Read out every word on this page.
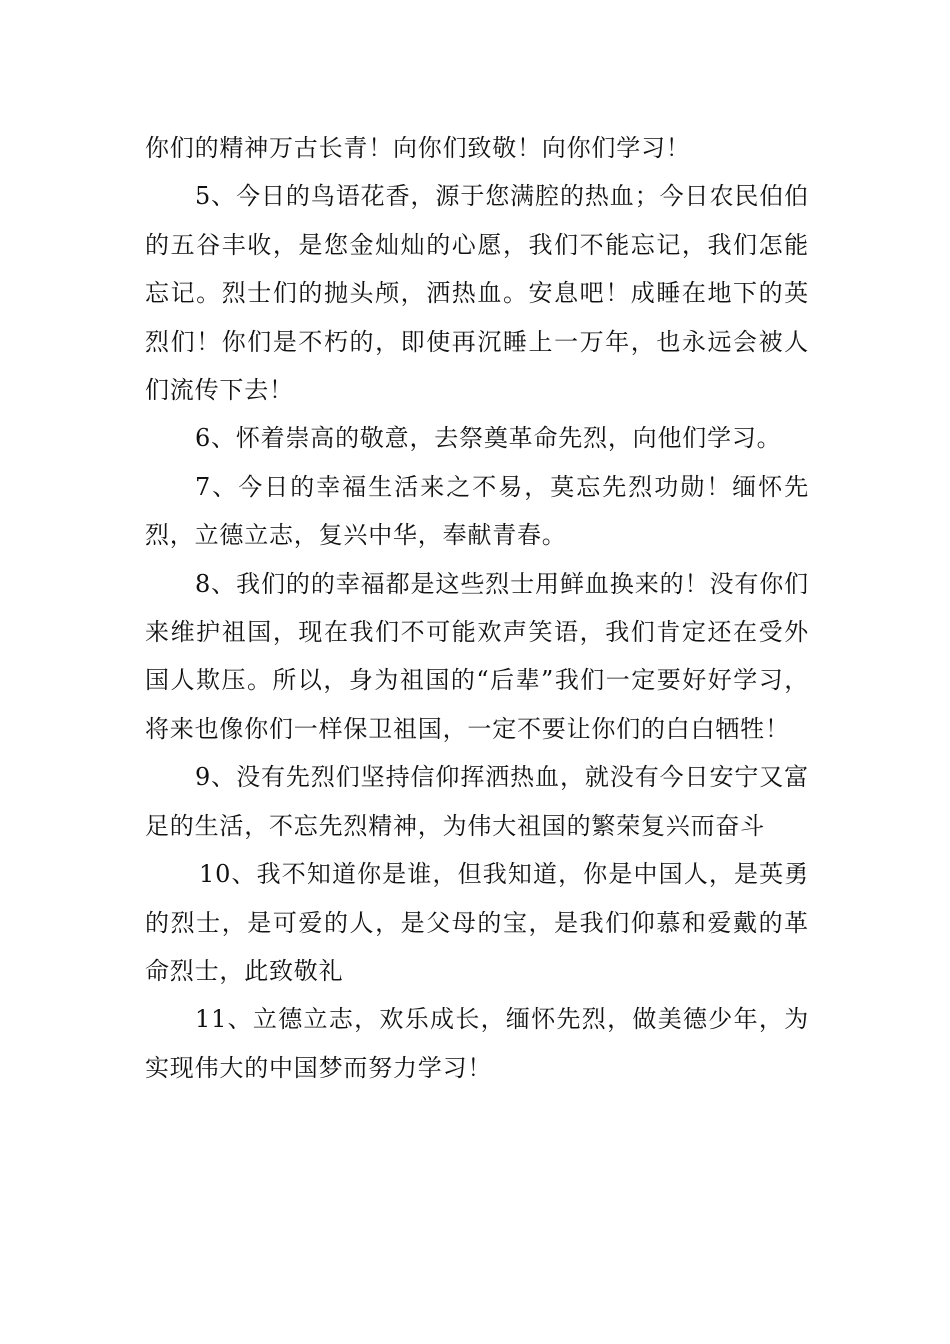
你们的精神万古长青！向你们致敬！向你们学习！

5、今日的鸟语花香，源于您满腔的热血；今日农民伯伯的五谷丰收，是您金灿灿的心愿，我们不能忘记，我们怎能忘记。烈士们的抛头颅，洒热血。安息吧！成睡在地下的英烈们！你们是不朽的，即使再沉睡上一万年，也永远会被人们流传下去！

6、怀着崇高的敬意，去祭奠革命先烈，向他们学习。

7、今日的幸福生活来之不易，莫忘先烈功勋！缅怀先烈，立德立志，复兴中华，奉献青春。

8、我们的的幸福都是这些烈士用鲜血换来的！没有你们来维护祖国，现在我们不可能欢声笑语，我们肯定还在受外国人欺压。所以，身为祖国的“后辈”我们一定要好好学习，将来也像你们一样保卫祖国，一定不要让你们的白白牺牲！

9、没有先烈们坚持信仰挥洒热血，就没有今日安宁又富足的生活，不忘先烈精神，为伟大祖国的繁荣复兴而奋斗

10、我不知道你是谁，但我知道，你是中国人，是英勇的烈士，是可爱的人，是父母的宝，是我们仰慕和爱戴的革命烈士，此致敬礼

11、立德立志，欢乐成长，缅怀先烈，做美德少年，为实现伟大的中国梦而努力学习！
